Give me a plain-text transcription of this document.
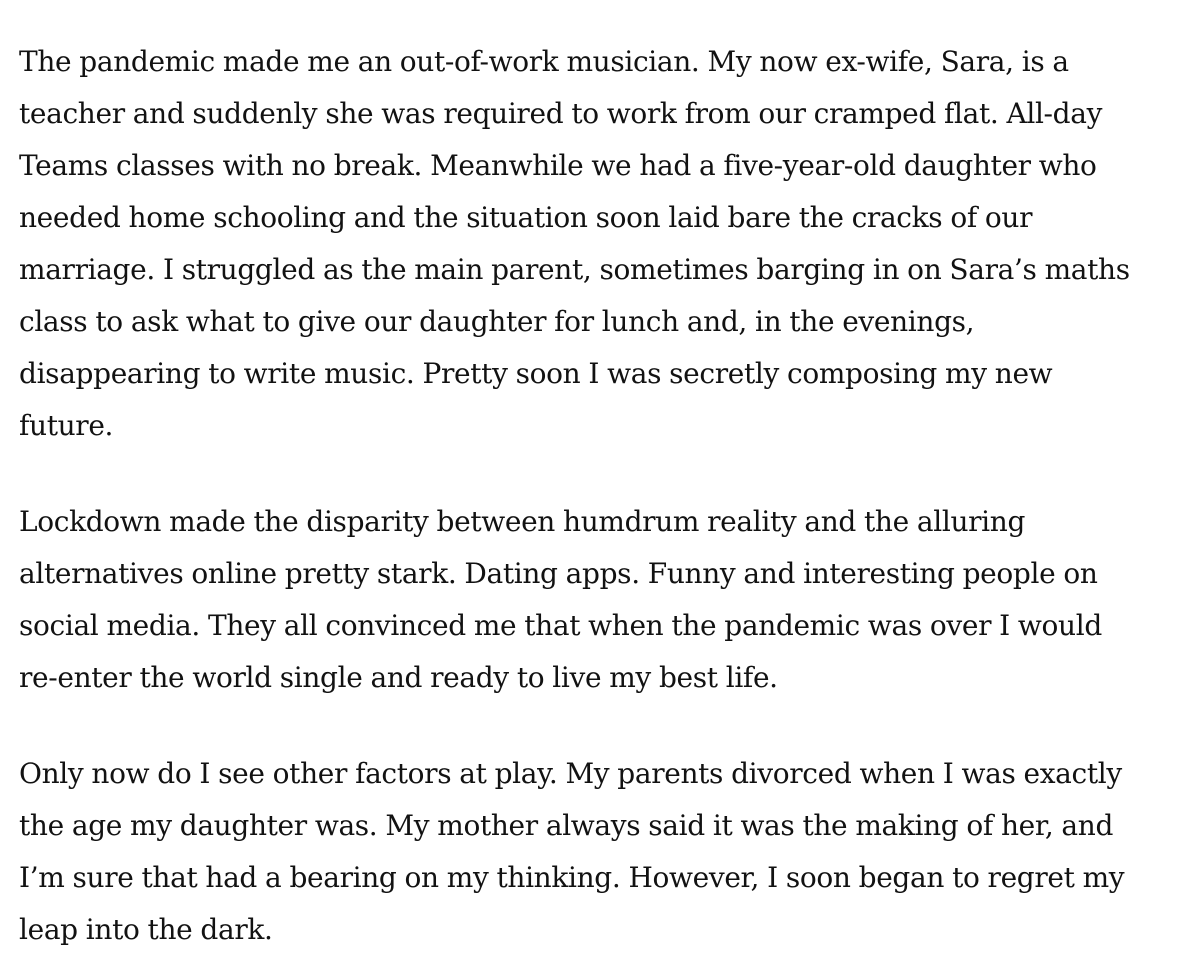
The pandemic made me an out-of-work musician. My now ex-wife, Sara, is a
teacher and suddenly she was required to work from our cramped flat. All-day
Teams classes with no break. Meanwhile we had a five-year-old daughter who
needed home schooling and the situation soon laid bare the cracks of our
marriage. I struggled as the main parent, sometimes barging in on Sara’s maths
class to ask what to give our daughter for lunch and, in the evenings,
disappearing to write music. Pretty soon I was secretly composing my new
future.

Lockdown made the disparity between humdrum reality and the alluring
alternatives online pretty stark. Dating apps. Funny and interesting people on
social media. They all convinced me that when the pandemic was over I would
re-enter the world single and ready to live my best life.

Only now do I see other factors at play. My parents divorced when I was exactly
the age my daughter was. My mother always said it was the making of her, and
I’m sure that had a bearing on my thinking. However, I soon began to regret my
leap into the dark.
